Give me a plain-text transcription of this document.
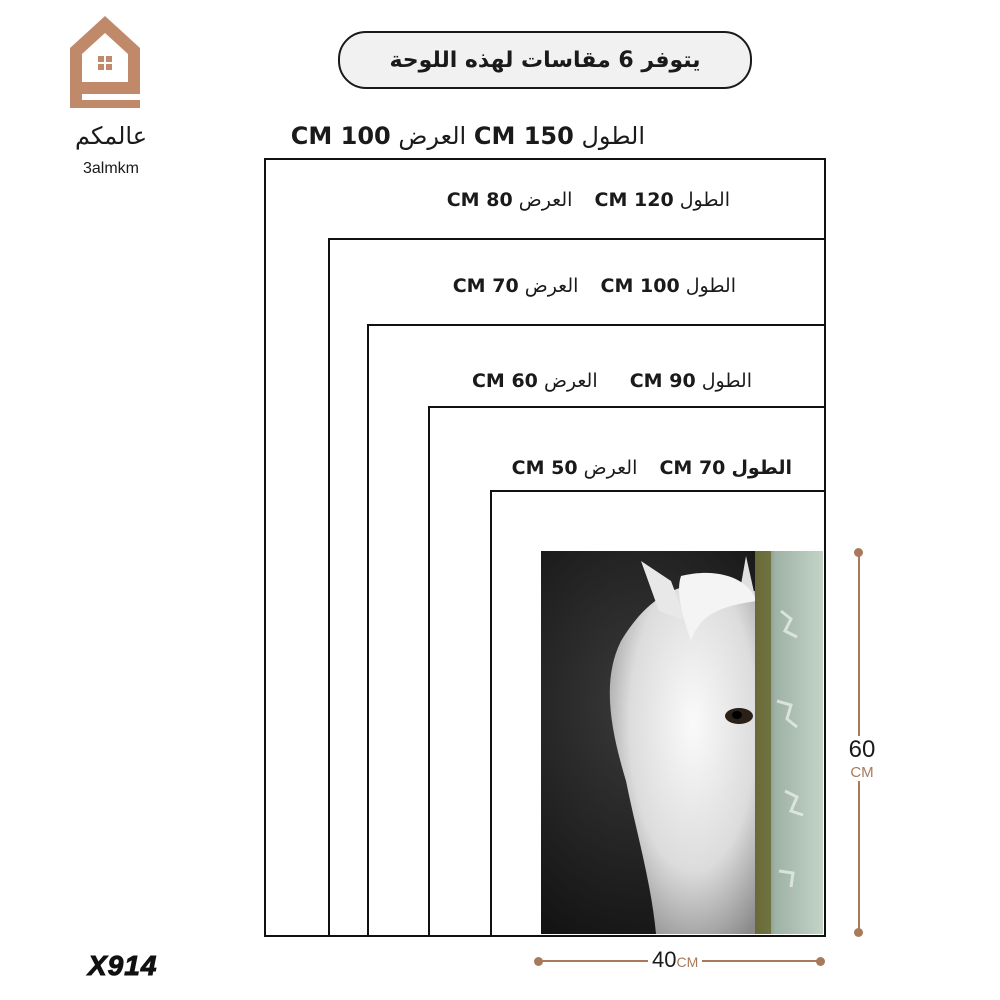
عالمكم
3almkm
يتوفر 6 مقاسات لهذه اللوحة
الطول 150 CM العرض 100 CM
الطول 120 CM  العرض 80 CM
الطول 100 CM  العرض 70 CM
الطول 90 CM  العرض 60 CM
الطول 70 CM  العرض 50 CM
60
CM
40CM
X914
